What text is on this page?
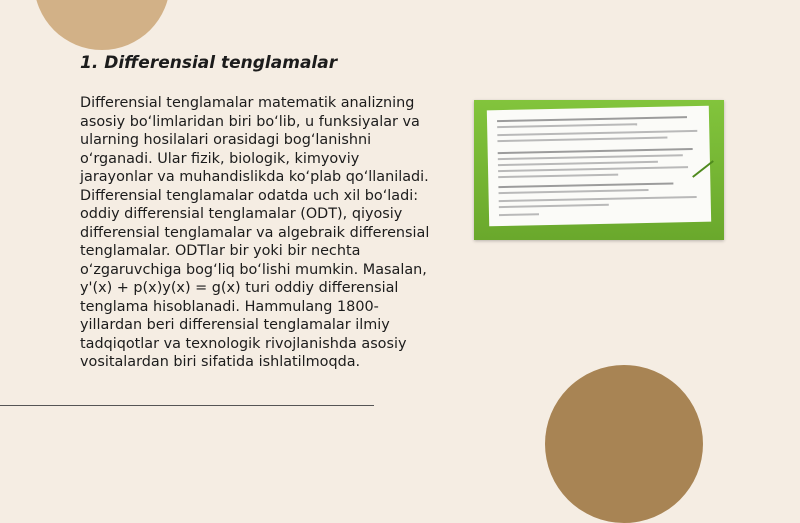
1. Differensial tenglamalar

Differensial tenglamalar matematik analizning asosiy bo‘limlaridan biri bo‘lib, u funksiyalar va ularning hosilalari orasidagi bog‘lanishni o‘rganadi. Ular fizik, biologik, kimyoviy jarayonlar va muhandislikda ko‘plab qo‘llaniladi. Differensial tenglamalar odatda uch xil bo‘ladi: oddiy differensial tenglamalar (ODT), qiyosiy differensial tenglamalar va algebraik differensial tenglamalar. ODTlar bir yoki bir nechta o‘zgaruvchiga bog‘liq bo‘lishi mumkin. Masalan, y'(x) + p(x)y(x) = g(x) turi oddiy differensial tenglama hisoblanadi. Hammulang 1800-yillardan beri differensial tenglamalar ilmiy tadqiqotlar va texnologik rivojlanishda asosiy vositalardan biri sifatida ishlatilmoqda.
